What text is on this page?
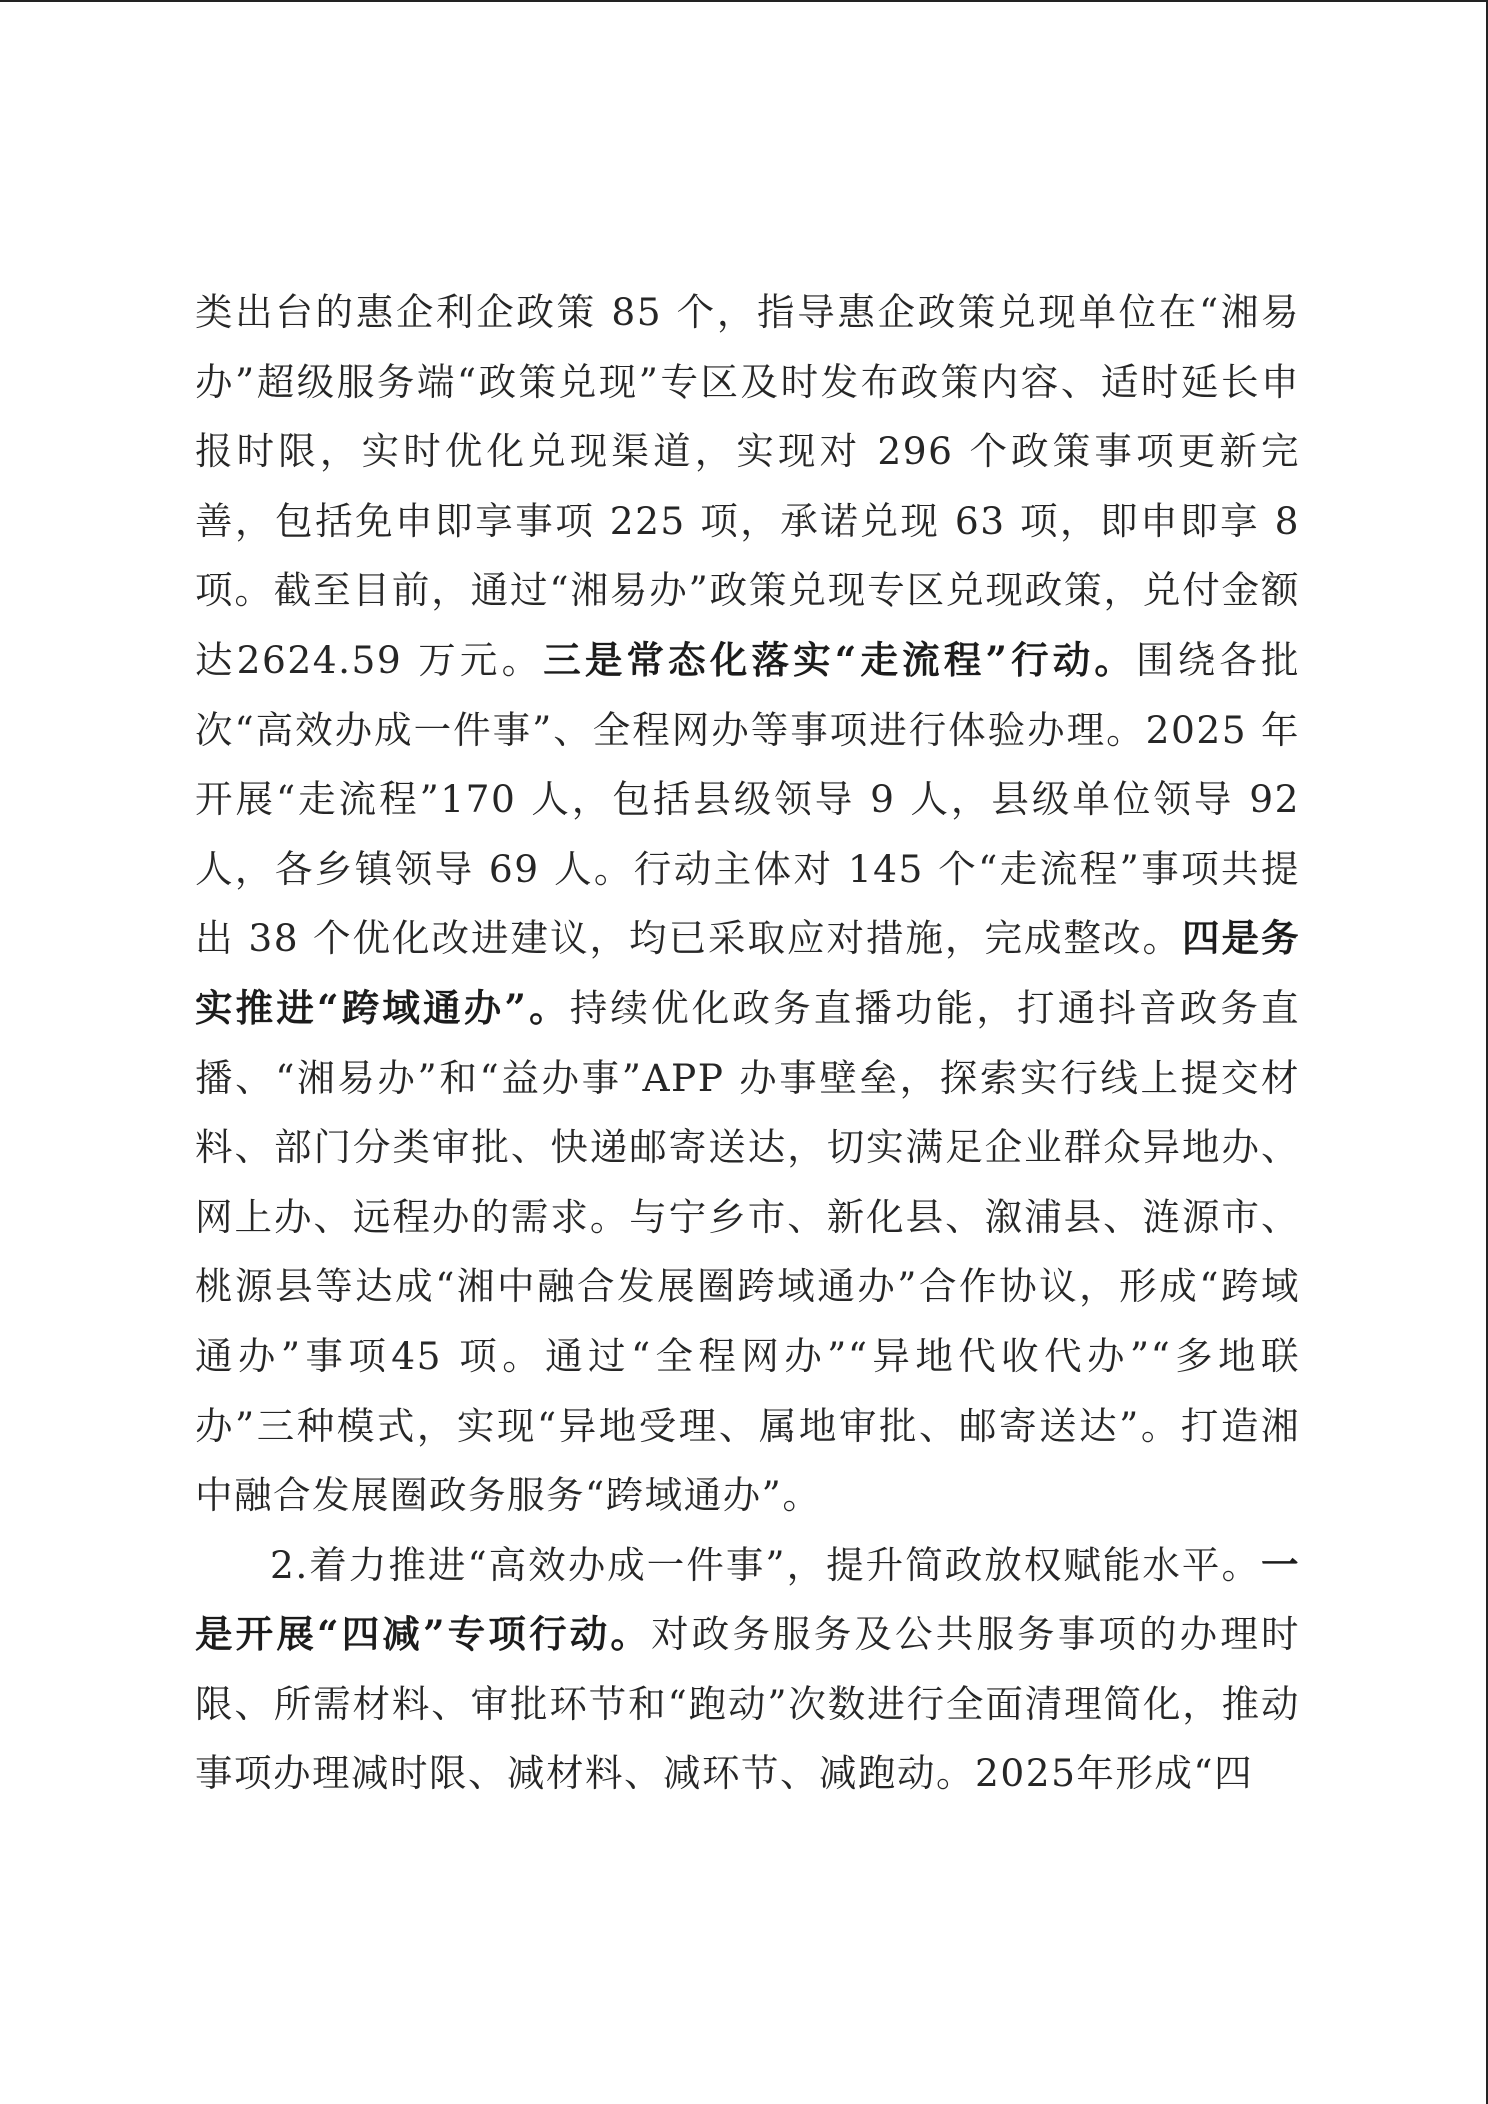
类出台的惠企利企政策 85 个，指导惠企政策兑现单位在“湘易办”超级服务端“政策兑现”专区及时发布政策内容、适时延长申报时限，实时优化兑现渠道，实现对 296 个政策事项更新完善，包括免申即享事项 225 项，承诺兑现 63 项，即申即享 8 项。截至目前，通过“湘易办”政策兑现专区兑现政策，兑付金额达2624.59 万元。三是常态化落实“走流程”行动。围绕各批次“高效办成一件事”、全程网办等事项进行体验办理。2025 年开展“走流程”170 人，包括县级领导 9 人，县级单位领导 92 人，各乡镇领导 69 人。行动主体对 145 个“走流程”事项共提出 38 个优化改进建议，均已采取应对措施，完成整改。四是务实推进“跨域通办”。持续优化政务直播功能，打通抖音政务直播、“湘易办”和“益办事”APP 办事壁垒，探索实行线上提交材料、部门分类审批、快递邮寄送达，切实满足企业群众异地办、网上办、远程办的需求。与宁乡市、新化县、溆浦县、涟源市、桃源县等达成“湘中融合发展圈跨域通办”合作协议，形成“跨域通办”事项45 项。通过“全程网办”“异地代收代办”“多地联办”三种模式，实现“异地受理、属地审批、邮寄送达”。打造湘中融合发展圈政务服务“跨域通办”。

2.着力推进“高效办成一件事”，提升简政放权赋能水平。一是开展“四减”专项行动。对政务服务及公共服务事项的办理时限、所需材料、审批环节和“跑动”次数进行全面清理简化，推动事项办理减时限、减材料、减环节、减跑动。2025年形成“四
